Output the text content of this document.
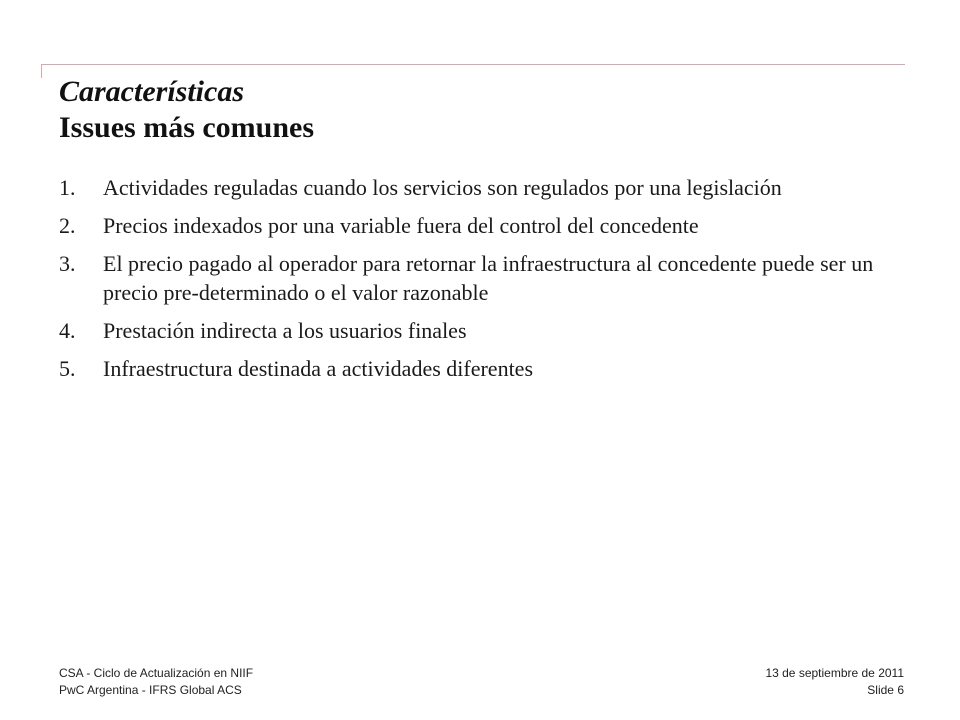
Características
Issues más comunes
1.	Actividades reguladas cuando los servicios son regulados por una legislación
2.	Precios indexados por una variable fuera del control del concedente
3.	El precio pagado al operador para retornar la infraestructura al concedente puede ser un precio pre-determinado o el valor razonable
4.	Prestación indirecta a los usuarios finales
5.	Infraestructura destinada a actividades diferentes
CSA - Ciclo de Actualización en NIIF
PwC Argentina - IFRS Global ACS
13 de septiembre de 2011
Slide 6
